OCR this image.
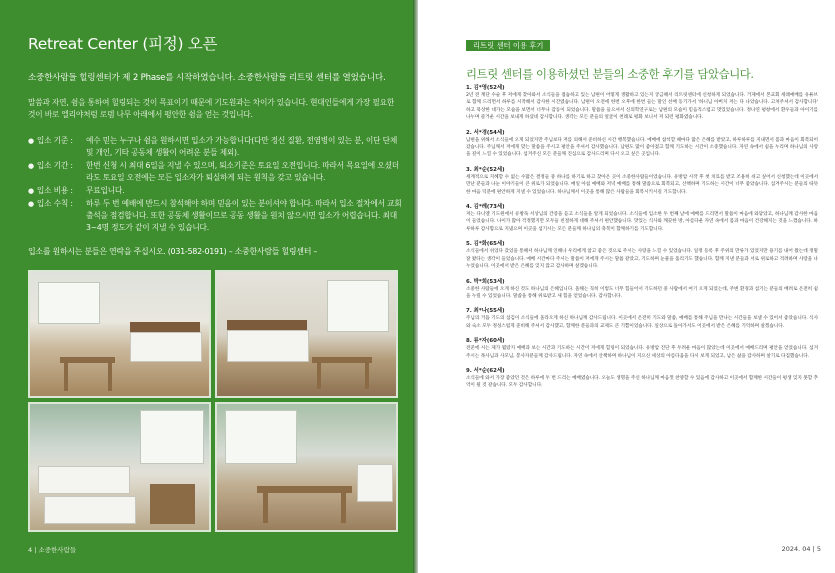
Retreat Center (피정) 오픈
소중한사람들 힐링센터가 제 2 Phase를 시작하였습니다. 소중한사람들 리트릿 센터를 열었습니다.
말씀과 자연, 쉼을 통하여 힐링되는 것이 목표이기 때문에 기도원과는 차이가 있습니다. 현대인들에게 가장 필요한 것이 바로 엘리야처럼 로뎀 나무 아래에서 평안한 쉼을 얻는 것입니다.
● 입소 기준 : 예수 믿는 누구나 쉼을 원하시면 입소가 가능합니다(다만 정신 질환, 전염병이 있는 분, 이단 단체 및 개인, 기타 공동체 생활이 어려운 분들 제외).
● 입소 기간 : 한번 신청 시 최대 6일을 지낼 수 있으며, 퇴소기준은 토요일 오전입니다. 따라서 목요일에 오셨더라도 토요일 오전에는 모든 입소자가 퇴실하게 되는 원칙을 갖고 있습니다.
● 입소 비용 : 무료입니다.
● 입소 수칙 : 하루 두 번 예배에 반드시 참석해야 하며 믿음이 있는 분이셔야 합니다. 따라서 입소 절차에서 교회 출석을 점검합니다. 또한 공동체 생활이므로 공동 생활을 원치 않으시면 입소가 어렵습니다. 최대 3~4명 정도가 같이 지낼 수 있습니다.
입소를 원하시는 분들은 연락을 주십시오. (031-582-0191) – 소중한사람들 힐링센터 –
4 | 소중한사람들
리트릿 센터 이용 후기
리트릿 센터를 이용하셨던 분들의 소중한 후기를 담았습니다.
1. 김*영(52세)
2년 전 계단 수술 후 저에게 찾아와서 소식들을 접습하고 있는 남편이 어떻게 생활하고 있는지 궁금해서 리트릿센터에 신청하게 되었습니다. 거제에서 본교회 세례예배를 유튜브로 함께 드리면서 하루를 시작해서 감사한 시간였습니다. 남편이 오전에 한번 오후에 한번 들는 말인 선배 동기가서 '하니님 아버지 저는 다 나았습니다. 고쳐주셔서 감사합니다' 하고 묵상한 대가는 모습을 보면서 너무나 감동이 되었습니다. 말씀을 들으셔서 신의학연구로는 남편의 모습이 믿음직스럽고 멋있었습니다. 정나연 평창에서 환우들과 아이기를 나누며 즐거운 시간을 보내게 하셨네 감사합니다. 생각는 모든 분들의 얼굴이 천례로 평화 보니서 저 되런 평화였습니다.
2. 서*경(54세)
남편을 위해서 소식들에 오게 되었지만 주님보다 저를 의해서 준비하신 시간 행복했습니다. 예배에 참석할 때마다 많은 은혜를 받았고, 하루하루를 지내면서 몸과 마음이 회복되어 갔습니다. 주님께서 저에게 맞는 말씀을 주시고 평안을 주셔서 감사했습니다. 남편도 많이 좋아졌고 함께 기도하는 시간이 소중했습니다. 자연 속에서 쉼을 누리며 하나님의 사랑을 깊이 느낄 수 있었습니다. 섬겨주신 모든 분들께 진심으로 감사드리며 다시 오고 싶은 곳입니다.
3. 최*순(52세)
세계적으로 지혜할 수 없는 수많은 결정들 중 하나를 하기로 하고 찾아온 곳이 소중한사람들이었습니다. 유방암 시작 후 첫 치료를 받고 조용히 쉬고 싶어서 신청했는데 이곳에서 만난 분들과 나눈 이야기들이 큰 위로가 되었습니다. 매일 아침 예배와 저녁 예배를 통해 말씀으로 회복되고, 산책하며 기도하는 시간이 너무 좋았습니다. 섬겨주시는 분들의 따뜻한 마음 덕분에 편안하게 지낼 수 있었습니다. 하나님께서 이곳을 통해 많은 사람들을 회복시키시길 기도합니다.
4. 김*례(73세)
저는 다니엘 기도원에서 유방독 서상님의 간증을 듣고 소식들을 알게 되었습니다. 소식들에 입소한 두 번째 날에 예배를 드리면서 말씀이 마음에 와닿았고, 하나님께 감사한 마음이 들었습니다. 나이가 많아 걱정했지만 모두들 친절하게 대해 주셔서 편안했습니다. 맛있는 식사와 깨끗한 방, 아름다운 자연 속에서 몸과 마음이 건강해지는 것을 느꼈습니다. 하루하루 감사함으로 지냈으며 이곳을 섬기시는 모든 분들께 하나님의 축복이 함께하기를 기도합니다.
5. 김*화(65세)
소식들에서 쉬었다 갔었을 통해서 하나님께 인해나 우리에게 참고 좋은 것으로 주시는 사랑을 느낄 수 있었습니다. 일정 등록 후 주위의 만류가 있었지만 용기를 내어 왔는데 정말 잘 왔다는 생각이 들었습니다. 예배 시간마다 주시는 말씀이 저에게 주시는 말씀 같았고, 기도하며 눈물을 흘리기도 했습니다. 함께 지낸 분들과 서로 위로하고 격려하며 사랑을 나누었습니다. 이곳에서 받은 은혜를 잊지 않고 감사하며 살겠습니다.
6. 박*희(53세)
소중한 사람들에 오게 하신 것도 하나님의 은혜입니다. 올해는 꼭히 이렇도 너무 힘들어서 기도하던 중 사람에서 여기 오게 되었는데, 주변 환경과 섬기는 분들의 배려로 온전히 쉼을 누릴 수 있었습니다. 말씀을 통해 위로받고 새 힘을 얻었습니다. 감사합니다.
7. 최*나(55세)
주님의 거듭 기도의 섬김이 소식들에 올라오게 하신 하나님께 감사드립니다. 이곳에서 온전히 기도와 말씀, 예배를 통해 주님을 만나는 시간들을 보낼 수 있어서 좋았습니다. 식사와 숙소 모두 정성스럽게 준비해 주셔서 감사했고, 함께한 분들과의 교제도 큰 기쁨이었습니다. 일상으로 돌아가서도 이곳에서 받은 은혜를 기억하며 살겠습니다.
8. 류*자(60세)
전준에 시는 제가 뭘랐지 예배과 보는 시간과 기도하는 시간이 저에게 힐링이 되었습니다. 유방암 진단 후 두려운 마음이 많았는데 이곳에서 예배드리며 평안을 얻었습니다. 섬겨 주시는 목사님과 사모님, 봉사자분들께 감사드립니다. 자연 속에서 산책하며 하나님이 지으신 세상의 아름다움을 다시 보게 되었고, 남은 삶을 감사하며 살기로 다짐했습니다.
9. 서*순(62세)
소식들에 와서 가장 좋았던 것은 하루에 두 번 드리는 예배였습니다. 오늘도 생명을 주신 하나님께 마음껏 찬양할 수 있음에 감사하고 이곳에서 함께한 시간들이 평생 잊지 못할 추억이 될 것 같습니다. 모두 감사합니다.
2024. 04 | 5
